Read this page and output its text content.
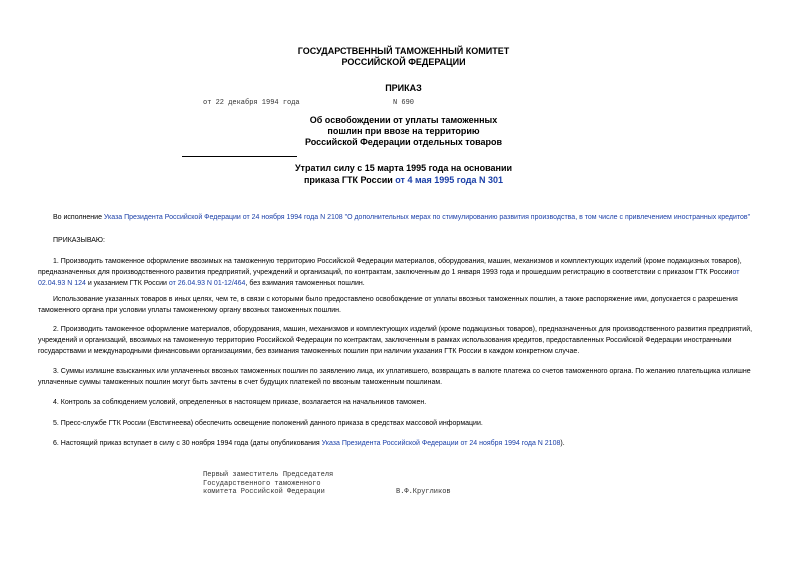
ГОСУДАРСТВЕННЫЙ ТАМОЖЕННЫЙ КОМИТЕТ
РОССИЙСКОЙ ФЕДЕРАЦИИ
ПРИКАЗ
от 22 декабря 1994 года	N 690
Об освобождении от уплаты таможенных
пошлин при ввозе на территорию
Российской Федерации отдельных товаров
Утратил силу с 15 марта 1995 года на основании
приказа ГТК России от 4 мая 1995 года N 301
Во исполнение Указа Президента Российской Федерации от 24 ноября 1994 года N 2108 "О дополнительных мерах по стимулированию развития производства, в том числе с привлечением иностранных кредитов"
ПРИКАЗЫВАЮ:
1. Производить таможенное оформление ввозимых на таможенную территорию Российской Федерации материалов, оборудования, машин, механизмов и комплектующих изделий (кроме подакцизных товаров), предназначенных для производственного развития предприятий, учреждений и организаций, по контрактам, заключенным до 1 января 1993 года и прошедшим регистрацию в соответствии с приказом ГТК Россииот 02.04.93 N 124 и указанием ГТК России от 26.04.93 N 01-12/464, без взимания таможенных пошлин.
Использование указанных товаров в иных целях, чем те, в связи с которыми было предоставлено освобождение от уплаты ввозных таможенных пошлин, а также распоряжение ими, допускается с разрешения таможенного органа при условии уплаты таможенному органу ввозных таможенных пошлин.
2. Производить таможенное оформление материалов, оборудования, машин, механизмов и комплектующих изделий (кроме подакцизных товаров), предназначенных для производственного развития предприятий, учреждений и организаций, ввозимых на таможенную территорию Российской Федерации по контрактам, заключенным в рамках использования кредитов, предоставленных Российской Федерации иностранными государствами и международными финансовыми организациями, без взимания таможенных пошлин при наличии указания ГТК России в каждом конкретном случае.
3. Суммы излишне взысканных или уплаченных ввозных таможенных пошлин по заявлению лица, их уплатившего, возвращать в валюте платежа со счетов таможенного органа. По желанию плательщика излишне уплаченные суммы таможенных пошлин могут быть зачтены в счет будущих платежей по ввозным таможенным пошлинам.
4. Контроль за соблюдением условий, определенных в настоящем приказе, возлагается на начальников таможен.
5. Пресс-службе ГТК России (Евстигнеева) обеспечить освещение положений данного приказа в средствах массовой информации.
6. Настоящий приказ вступает в силу с 30 ноября 1994 года (даты опубликования Указа Президента Российской Федерации от 24 ноября 1994 года N 2108).
Первый заместитель Председателя
Государственного таможенного
комитета Российской Федерации	В.Ф.Кругликов
